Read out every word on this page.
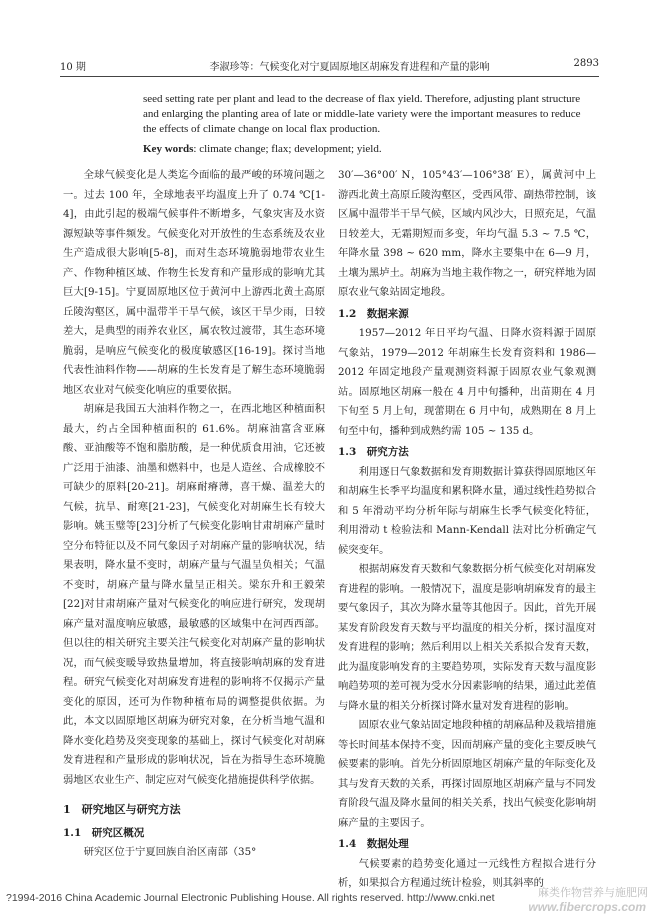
10 期	李淑珍等：气候变化对宁夏固原地区胡麻发育进程和产量的影响	2893
seed setting rate per plant and lead to the decrease of flax yield. Therefore, adjusting plant structure and enlarging the planting area of late or middle-late variety were the important measures to reduce the effects of climate change on local flax production.
Key words: climate change; flax; development; yield.

全球气候变化是人类迄今面临的最严峻的环境问题之一。过去 100 年，全球地表平均温度上升了 0.74 ℃[1-4]，由此引起的极端气候事件不断增多，气象灾害及水资源短缺等事件频发。气候变化对开放性的生态系统及农业生产造成很大影响[5-8]，而对生态环境脆弱地带农业生产、作物种植区域、作物生长发育和产量形成的影响尤其巨大[9-15]。宁夏固原地区位于黄河中上游西北黄土高原丘陵沟壑区，属中温带半干旱气候，该区干旱少雨，日较差大，是典型的雨养农业区，属农牧过渡带，其生态环境脆弱，是响应气候变化的极度敏感区[16-19]。探讨当地代表性油料作物——胡麻的生长发育是了解生态环境脆弱地区农业对气候变化响应的重要依据。

胡麻是我国五大油料作物之一，在西北地区种植面积最大，约占全国种植面积的 61.6%。胡麻油富含亚麻酸、亚油酸等不饱和脂肪酸，是一种优质食用油，它还被广泛用于油漆、油墨和燃料中，也是人造丝、合成橡胶不可缺少的原料[20-21]。胡麻耐瘠薄，喜干燥、温差大的气候，抗旱、耐寒[21-23]，气候变化对胡麻生长有较大影响。姚玉璧等[23]分析了气候变化影响甘肃胡麻产量时空分布特征以及不同气象因子对胡麻产量的影响状况，结果表明，降水量不变时，胡麻产量与气温呈负相关；气温不变时，胡麻产量与降水量呈正相关。梁东升和王毅荣[22]对甘肃胡麻产量对气候变化的响应进行研究，发现胡麻产量对温度响应敏感，最敏感的区域集中在河西西部。但以往的相关研究主要关注气候变化对胡麻产量的影响状况，而气候变暖导致热量增加，将直接影响胡麻的发育进程。研究气候变化对胡麻发育进程的影响将不仅揭示产量变化的原因，还可为作物种植布局的调整提供依据。为此，本文以固原地区胡麻为研究对象，在分析当地气温和降水变化趋势及突变现象的基础上，探讨气候变化对胡麻发育进程和产量形成的影响状况，旨在为指导生态环境脆弱地区农业生产、制定应对气候变化措施提供科学依据。

1　研究地区与研究方法
1.1　研究区概况

研究区位于宁夏回族自治区南部（35°

30′—36°00′ N，105°43′—106°38′ E），属黄河中上游西北黄土高原丘陵沟壑区，受西风带、副热带控制，该区属中温带半干旱气候，区域内风沙大，日照充足，气温日较差大，无霜期短而多变，年均气温 5.3 ~ 7.5 ℃，年降水量 398 ~ 620 mm，降水主要集中在 6—9 月，土壤为黑垆土。胡麻为当地主栽作物之一，研究样地为固原农业气象站固定地段。

1.2　数据来源

1957—2012 年日平均气温、日降水资料源于固原气象站，1979—2012 年胡麻生长发育资料和 1986—2012 年固定地段产量观测资料源于固原农业气象观测站。固原地区胡麻一般在 4 月中旬播种，出苗期在 4 月下旬至 5 月上旬，现蕾期在 6 月中旬，成熟期在 8 月上旬至中旬，播种到成熟约需 105 ~ 135 d。

1.3　研究方法

利用逐日气象数据和发育期数据计算获得固原地区年和胡麻生长季平均温度和累积降水量，通过线性趋势拟合和 5 年滑动平均分析年际与胡麻生长季气候变化特征，利用滑动 t 检验法和 Mann-Kendall 法对比分析确定气候突变年。

根据胡麻发育天数和气象数据分析气候变化对胡麻发育进程的影响。一般情况下，温度是影响胡麻发育的最主要气象因子，其次为降水量等其他因子。因此，首先开展某发育阶段发育天数与平均温度的相关分析，探讨温度对发育进程的影响；然后利用以上相关关系拟合发育天数，此为温度影响发育的主要趋势项，实际发育天数与温度影响趋势项的差可视为受水分因素影响的结果，通过此差值与降水量的相关分析探讨降水量对发育进程的影响。

固原农业气象站固定地段种植的胡麻品种及栽培措施等长时间基本保持不变，因而胡麻产量的变化主要反映气候要素的影响。首先分析固原地区胡麻产量的年际变化及其与发育天数的关系，再探讨固原地区胡麻产量与不同发育阶段气温及降水量间的相关关系，找出气候变化影响胡麻产量的主要因子。

1.4　数据处理

气候要素的趋势变化通过一元线性方程拟合进行分析，如果拟合方程通过统计检验，则其斜率的

?1994-2016 China Academic Journal Electronic Publishing House. All rights reserved. http://www.cnki.net	麻类作物营养与施肥网
www.fibercrops.com
